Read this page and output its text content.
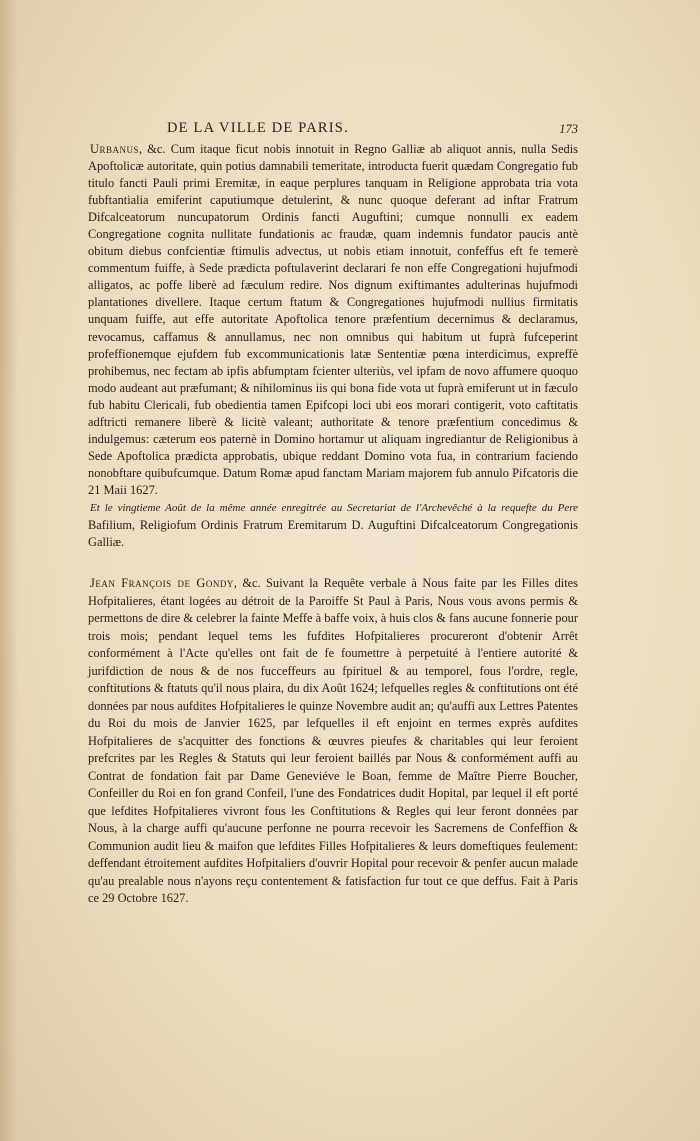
DE LA VILLE DE PARIS.	173

Urbanus, &c. Cum itaque ficut nobis innotuit in Regno Galliæ ab aliquot annis, nulla Sedis Apoftolicæ autoritate, quin potius damnabili temeritate, introducta fuerit quædam Congregatio fub titulo fancti Pauli primi Eremitæ, in eaque perplures tanquam in Religione approbata tria vota fubftantialia emiferint caputiumque detulerint, & nunc quoque deferant ad inftar Fratrum Difcalceatorum nuncupatorum Ordinis fancti Auguftini; cumque nonnulli ex eadem Congregatione cognita nullitate fundationis ac fraudæ, quam indemnis fundator paucis antè obitum diebus confcientiæ ftimulis advectus, ut nobis etiam innotuit, confeffus eft fe temerè commentum fuiffe, à Sede prædicta poftulaverint declarari fe non effe Congregationi hujufmodi alligatos, ac poffe liberè ad fæculum redire. Nos dignum exiftimantes adulterinas hujufmodi plantationes divellere. Itaque certum ftatum & Congregationes hujufmodi nullius firmitatis unquam fuiffe, aut effe autoritate Apoftolica tenore præfentium decernimus & declaramus, revocamus, caffamus & annullamus, nec non omnibus qui habitum ut fuprà fufceperint profeffionemque ejufdem fub excommunicationis latæ Sententiæ pœna interdicimus, expreffè prohibemus, nec fectam ab ipfis abfumptam fcienter ulteriùs, vel ipfam de novo affumere quoquo modo audeant aut præfumant; & nihilominus iis qui bona fide vota ut fuprà emiferunt ut in fæculo fub habitu Clericali, fub obedientia tamen Epifcopi loci ubi eos morari contigerit, voto caftitatis adftricti remanere liberè & licitè valeant; authoritate & tenore præfentium concedimus & indulgemus: cæterum eos paternè in Domino hortamur ut aliquam ingrediantur de Religionibus à Sede Apoftolica prædicta approbatis, ubique reddant Domino vota fua, in contrarium faciendo nonobftare quibufcumque. Datum Romæ apud fanctam Mariam majorem fub annulo Pifcatoris die 21 Maii 1627.

Et le vingtieme Août de la même année enregitrée au Secretariat de l'Archevêché à la requefte du Pere Bafilium, Religiofum Ordinis Fratrum Eremitarum D. Auguftini Difcalceatorum Congregationis Galliæ.

Jean François de Gondy, &c. Suivant la Requête verbale à Nous faite par les Filles dites Hofpitalieres, étant logées au détroit de la Paroiffe St Paul à Paris, Nous vous avons permis & permettons de dire & celebrer la fainte Meffe à baffe voix, à huis clos & fans aucune fonnerie pour trois mois; pendant lequel tems les fufdites Hofpitalieres procureront d'obtenir Arrêt conformément à l'Acte qu'elles ont fait de fe foumettre à perpetuité à l'entiere autorité & jurifdiction de nous & de nos fucceffeurs au fpirituel & au temporel, fous l'ordre, regle, conftitutions & ftatuts qu'il nous plaira, du dix Août 1624; lefquelles regles & conftitutions ont été données par nous aufdites Hofpitalieres le quinze Novembre audit an; qu'auffi aux Lettres Patentes du Roi du mois de Janvier 1625, par lefquelles il eft enjoint en termes exprès aufdites Hofpitalieres de s'acquitter des fonctions & œuvres pieufes & charitables qui leur feroient prefcrites par les Regles & Statuts qui leur feroient baillés par Nous & conformément auffi au Contrat de fondation fait par Dame Geneviéve le Boan, femme de Maître Pierre Boucher, Confeiller du Roi en fon grand Confeil, l'une des Fondatrices dudit Hopital, par lequel il eft porté que lefdites Hofpitalieres vivront fous les Conftitutions & Regles qui leur feront données par Nous, à la charge auffi qu'aucune perfonne ne pourra recevoir les Sacremens de Confeffion & Communion audit lieu & maifon que lefdites Filles Hofpitalieres & leurs domeftiques feulement: deffendant étroitement aufdites Hofpitaliers d'ouvrir Hopital pour recevoir & penfer aucun malade qu'au prealable nous n'ayons reçu contentement & fatisfaction fur tout ce que deffus. Fait à Paris ce 29 Octobre 1627.
